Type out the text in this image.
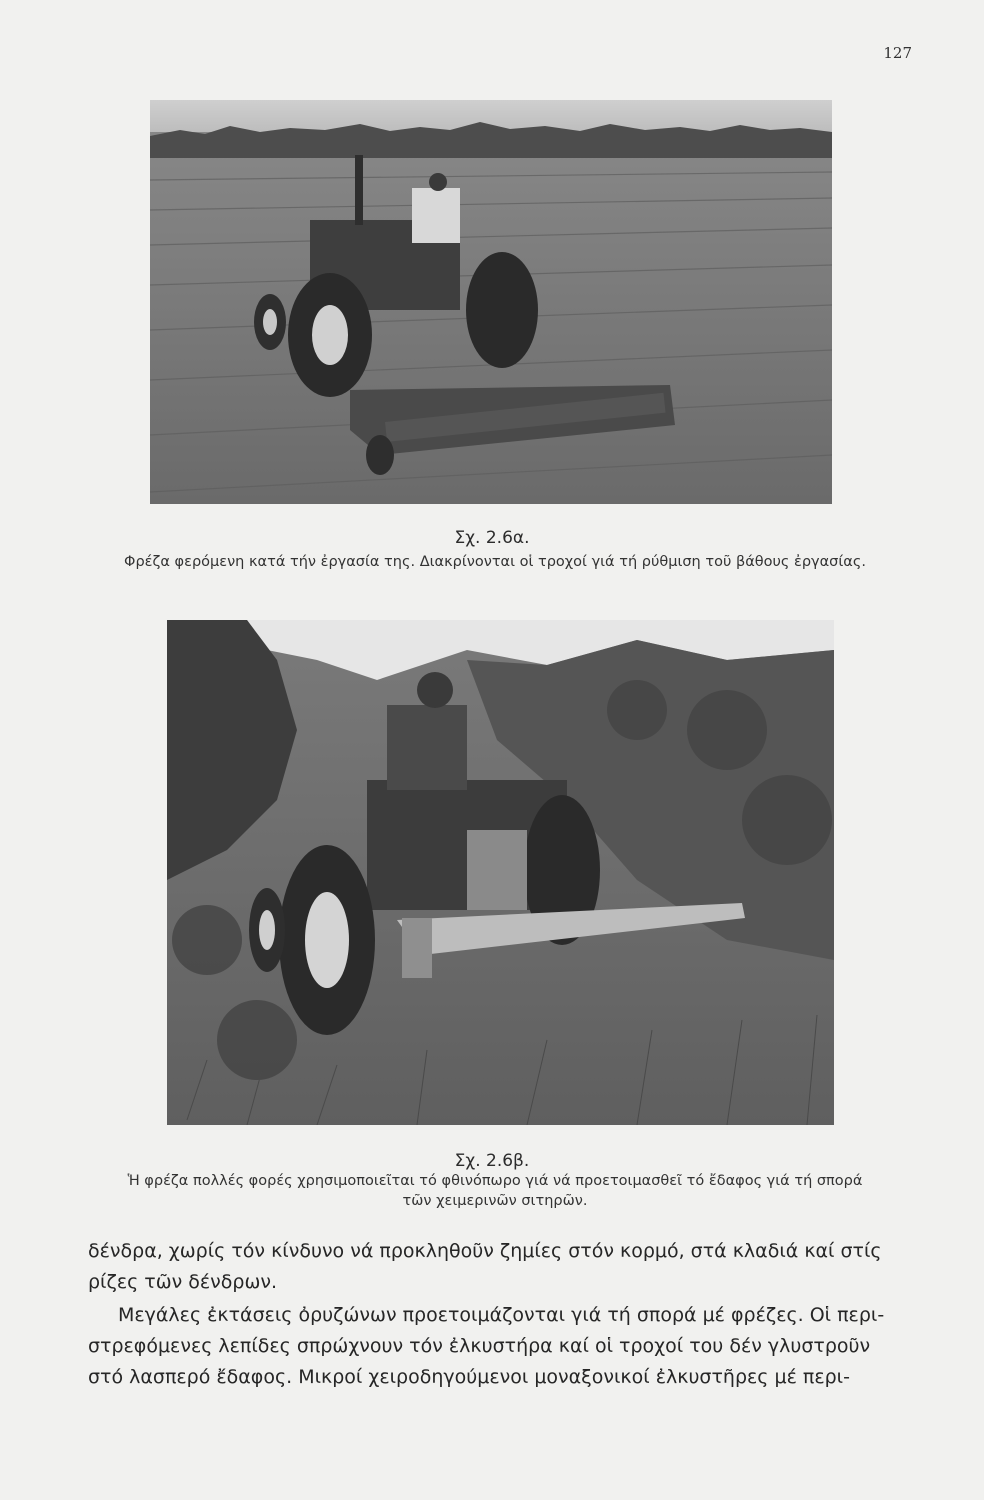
127
Σχ. 2.6α.
Φρέζα φερόμενη κατά τήν ἐργασία της. Διακρίνονται οἱ τροχοί γιά τή ρύθμιση τοῦ βάθους ἐργασίας.
Σχ. 2.6β.
Ἡ φρέζα πολλές φορές χρησιμοποιεῖται τό φθινόπωρο γιά νά προετοιμασθεῖ τό ἔδαφος γιά τή σπορά
τῶν χειμερινῶν σιτηρῶν.
δένδρα, χωρίς τόν κίνδυνο νά προκληθοῦν ζημίες στόν κορμό, στά κλαδιά καί στίς
ρίζες τῶν δένδρων.
Μεγάλες ἐκτάσεις ὀρυζώνων προετοιμάζονται γιά τή σπορά μέ φρέζες. Οἱ περι-
στρεφόμενες λεπίδες σπρώχνουν τόν ἐλκυστήρα καί οἱ τροχοί του δέν γλυστροῦν
στό λασπερό ἔδαφος. Μικροί χειροδηγούμενοι μοναξονικοί ἐλκυστῆρες μέ περι-
